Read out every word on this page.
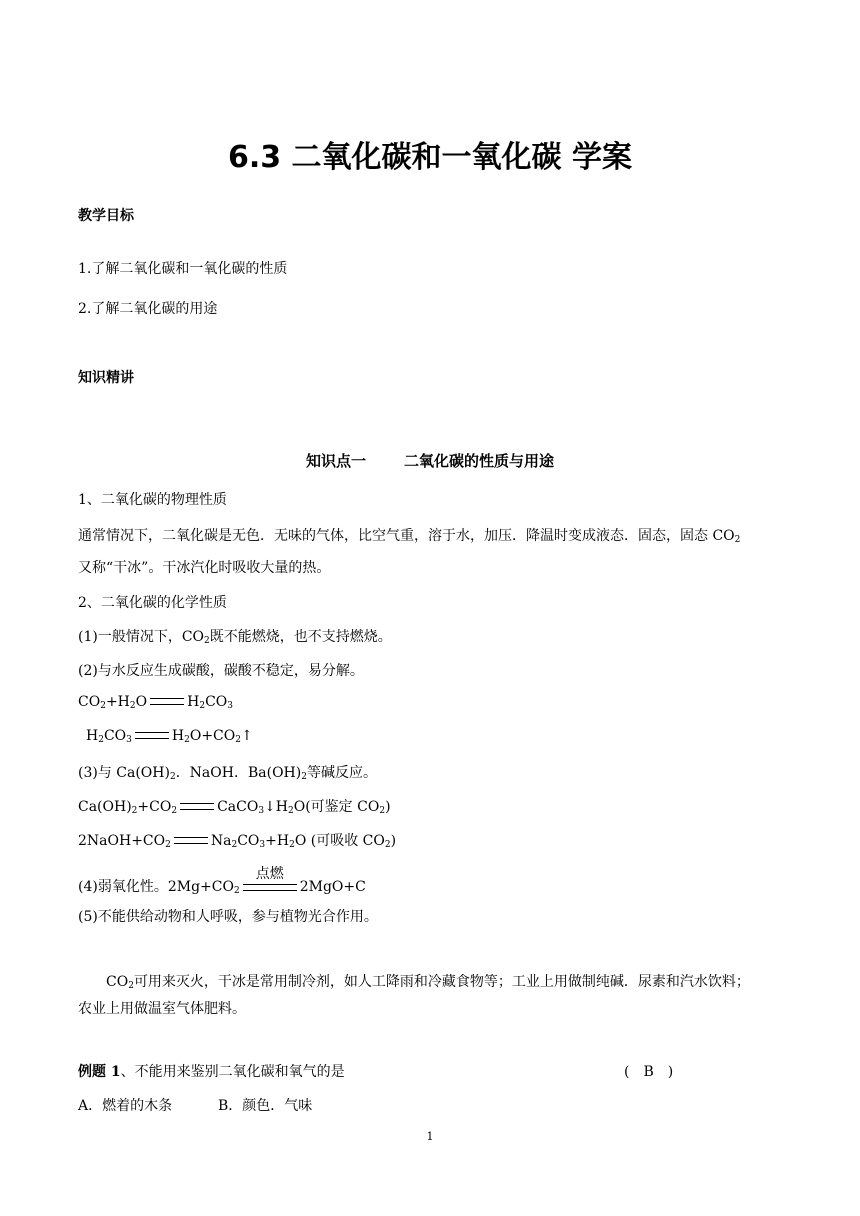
6.3 二氧化碳和一氧化碳 学案
教学目标
1.了解二氧化碳和一氧化碳的性质
2.了解二氧化碳的用途
知识精讲
知识点一	二氧化碳的性质与用途
1、二氧化碳的物理性质
通常情况下，二氧化碳是无色．无味的气体，比空气重，溶于水，加压．降温时变成液态．固态，固态 $CO_2$
又称“干冰”。干冰汽化时吸收大量的热。
2、二氧化碳的化学性质
(1)一般情况下，$CO_2$既不能燃烧，也不支持燃烧。
(2)与水反应生成碳酸，碳酸不稳定，易分解。
$CO_2+H_2O$	$H_2CO_3$
$H_2CO_3$	$H_2O+CO_2↑$
(3)与 $Ca(OH)_2$．NaOH．$Ba(OH)_2$等碱反应。
$Ca(OH)_2+CO_2$	$CaCO_3↓H_2O$(可鉴定 $CO_2$)
$2NaOH+CO_2$	$Na_2CO_3+H_2O$ (可吸收 $CO_2$)
(4)弱氧化性。$2Mg+CO_2$
点燃
2MgO+C
(5)不能供给动物和人呼吸，参与植物光合作用。
$CO_2$可用来灭火，干冰是常用制冷剂，如人工降雨和冷藏食物等；工业上用做制纯碱．尿素和汽水饮料；
农业上用做温室气体肥料。
例题 1、不能用来鉴别二氧化碳和氧气的是	(　B　)
A．燃着的木条	B．颜色．气味
1
